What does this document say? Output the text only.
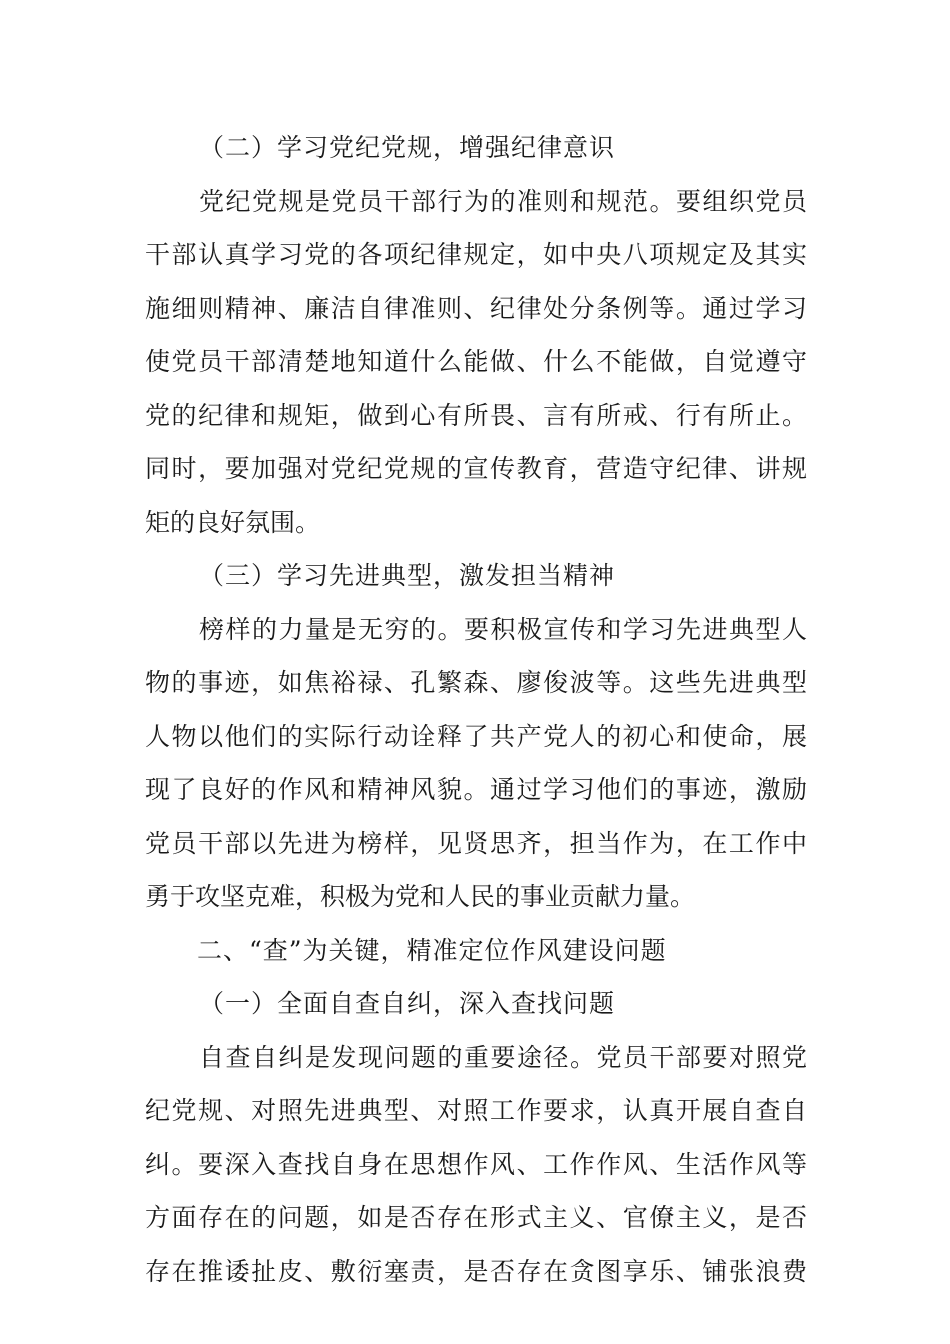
（二）学习党纪党规，增强纪律意识
党纪党规是党员干部行为的准则和规范。要组织党员
干部认真学习党的各项纪律规定，如中央八项规定及其实
施细则精神、廉洁自律准则、纪律处分条例等。通过学习
使党员干部清楚地知道什么能做、什么不能做，自觉遵守
党的纪律和规矩，做到心有所畏、言有所戒、行有所止。
同时，要加强对党纪党规的宣传教育，营造守纪律、讲规
矩的良好氛围。
（三）学习先进典型，激发担当精神
榜样的力量是无穷的。要积极宣传和学习先进典型人
物的事迹，如焦裕禄、孔繁森、廖俊波等。这些先进典型
人物以他们的实际行动诠释了共产党人的初心和使命，展
现了良好的作风和精神风貌。通过学习他们的事迹，激励
党员干部以先进为榜样，见贤思齐，担当作为，在工作中
勇于攻坚克难，积极为党和人民的事业贡献力量。
二、“查”为关键，精准定位作风建设问题
（一）全面自查自纠，深入查找问题
自查自纠是发现问题的重要途径。党员干部要对照党
纪党规、对照先进典型、对照工作要求，认真开展自查自
纠。要深入查找自身在思想作风、工作作风、生活作风等
方面存在的问题，如是否存在形式主义、官僚主义，是否
存在推诿扯皮、敷衍塞责，是否存在贪图享乐、铺张浪费
